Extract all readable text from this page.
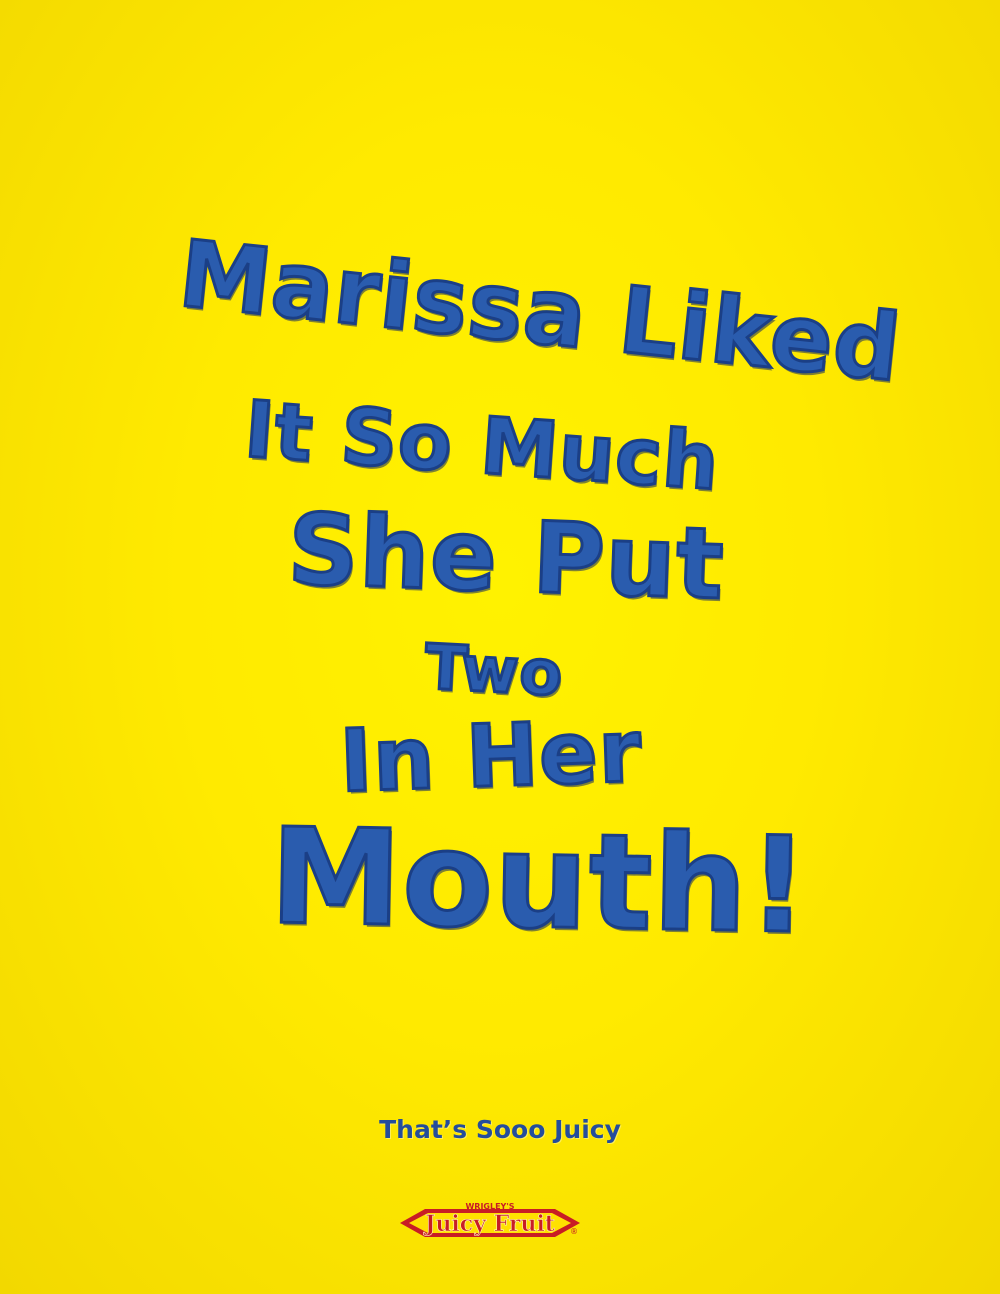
Marissa Liked
It So Much
She Put
Two
In Her
Mouth!
That’s Sooo Juicy
WRIGLEY'S
Juicy Fruit ®
